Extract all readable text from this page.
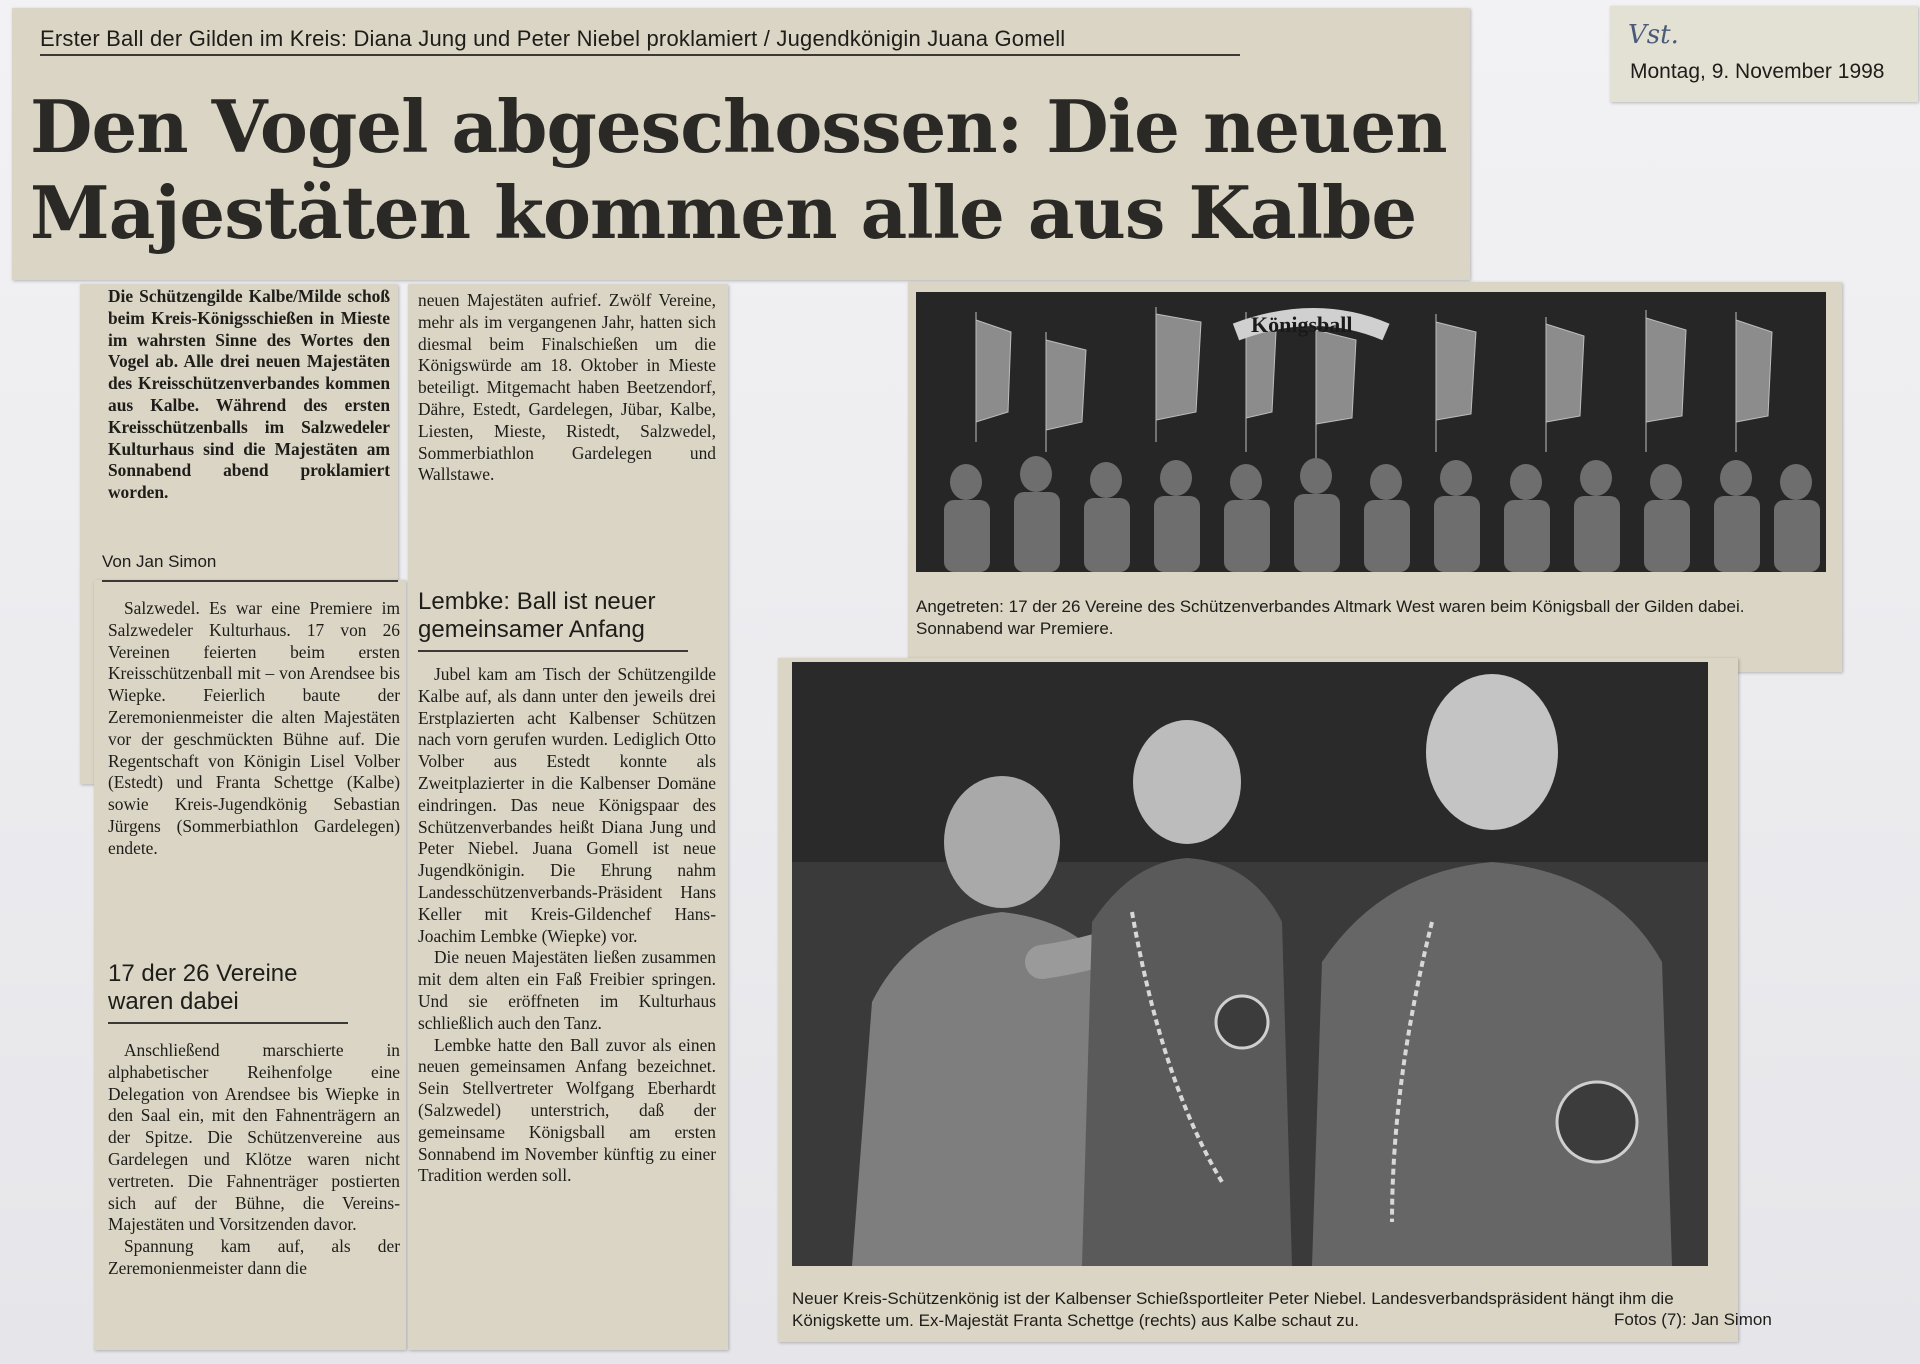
Erster Ball der Gilden im Kreis: Diana Jung und Peter Niebel proklamiert / Jugendkönigin Juana Gomell
Den Vogel abgeschossen: Die neuen
Majestäten kommen alle aus Kalbe
Vst.
Montag, 9. November 1998
Die Schützengilde Kalbe/Milde schoß beim Kreis-Königsschießen in Mieste im wahrsten Sinne des Wortes den Vogel ab. Alle drei neuen Majestäten des Kreisschützenverbandes kommen aus Kalbe. Während des ersten Kreisschützenballs im Salzwedeler Kulturhaus sind die Majestäten am Sonnabend abend proklamiert worden.
Von Jan Simon
Salzwedel. Es war eine Premiere im Salzwedeler Kulturhaus. 17 von 26 Vereinen feierten beim ersten Kreisschützenball mit – von Arendsee bis Wiepke. Feierlich baute der Zeremonienmeister die alten Majestäten vor der geschmückten Bühne auf. Die Regentschaft von Königin Lisel Volber (Estedt) und Franta Schettge (Kalbe) sowie Kreis-Jugendkönig Sebastian Jürgens (Sommerbiathlon Gardelegen) endete.
17 der 26 Vereine waren dabei

Anschließend marschierte in alphabetischer Reihenfolge eine Delegation von Arendsee bis Wiepke in den Saal ein, mit den Fahnenträgern an der Spitze. Die Schützenvereine aus Gardelegen und Klötze waren nicht vertreten. Die Fahnenträger postierten sich auf der Bühne, die Vereins-Majestäten und Vorsitzenden davor.

Spannung kam auf, als der Zeremonienmeister dann die

neuen Majestäten aufrief. Zwölf Vereine, mehr als im vergangenen Jahr, hatten sich diesmal beim Finalschießen um die Königswürde am 18. Oktober in Mieste beteiligt. Mitgemacht haben Beetzendorf, Dähre, Estedt, Gardelegen, Jübar, Kalbe, Liesten, Mieste, Ristedt, Salzwedel, Sommerbiathlon Gardelegen und Wallstawe.
Lembke: Ball ist neuer gemeinsamer Anfang

Jubel kam am Tisch der Schützengilde Kalbe auf, als dann unter den jeweils drei Erstplazierten acht Kalbenser Schützen nach vorn gerufen wurden. Lediglich Otto Volber aus Estedt konnte als Zweitplazierter in die Kalbenser Domäne eindringen. Das neue Königspaar des Schützenverbandes heißt Diana Jung und Peter Niebel. Juana Gomell ist neue Jugendkönigin. Die Ehrung nahm Landesschützenverbands-Präsident Hans Keller mit Kreis-Gildenchef Hans-Joachim Lembke (Wiepke) vor.

Die neuen Majestäten ließen zusammen mit dem alten ein Faß Freibier springen. Und sie eröffneten im Kulturhaus schließlich auch den Tanz.

Lembke hatte den Ball zuvor als einen neuen gemeinsamen Anfang bezeichnet. Sein Stellvertreter Wolfgang Eberhardt (Salzwedel) unterstrich, daß der gemeinsame Königsball am ersten Sonnabend im November künftig zu einer Tradition werden soll.

Königsball
Angetreten: 17 der 26 Vereine des Schützenverbandes Altmark West waren beim Königsball der Gilden dabei. Sonnabend war Premiere.
Neuer Kreis-Schützenkönig ist der Kalbenser Schießsportleiter Peter Niebel. Landesverbandspräsident hängt ihm die Königskette um. Ex-Majestät Franta Schettge (rechts) aus Kalbe schaut zu.	Fotos (7): Jan Simon
